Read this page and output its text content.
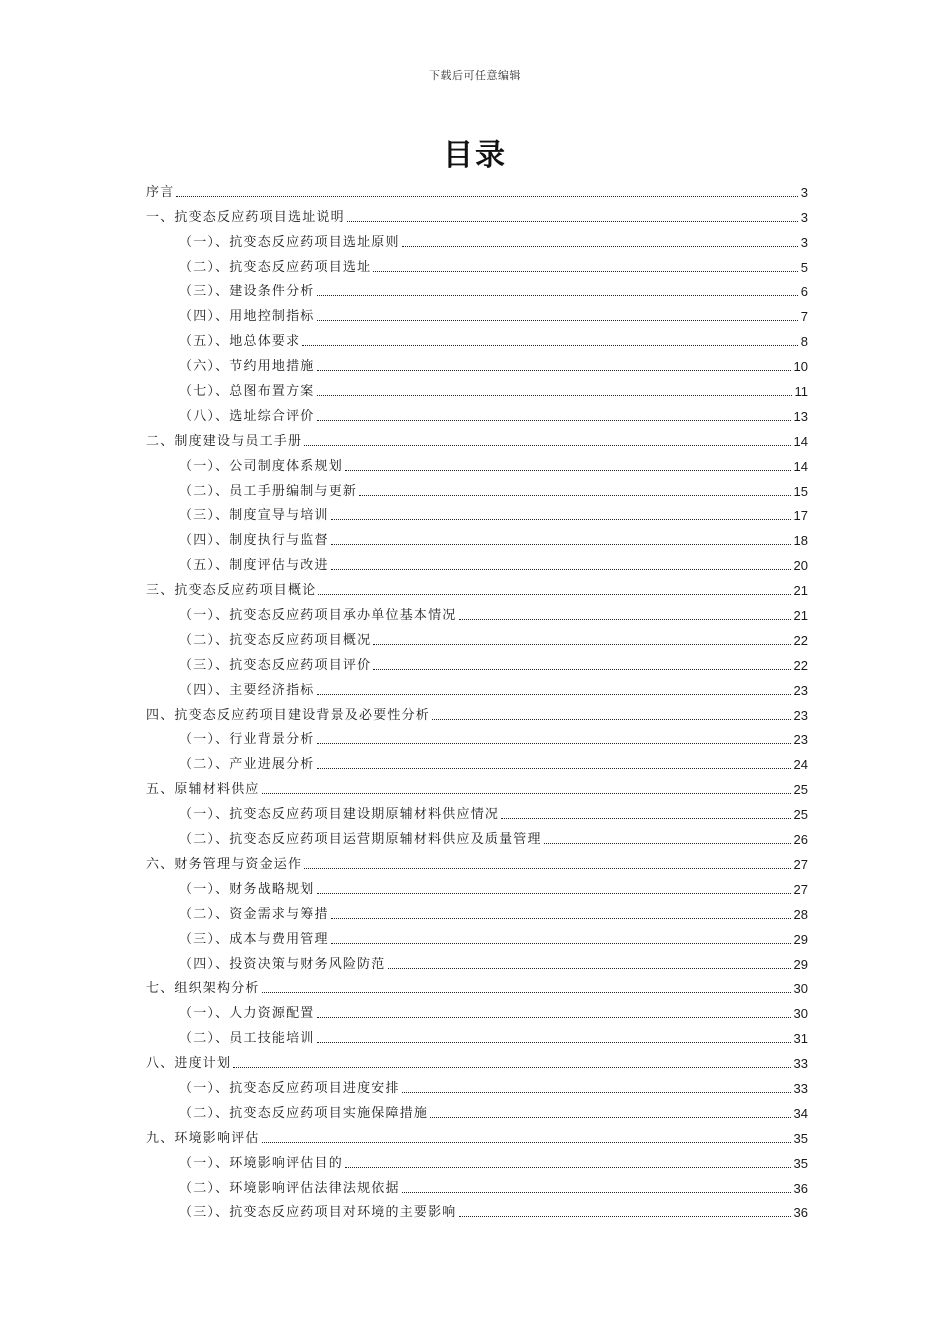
下载后可任意编辑
目录
序言	3
一、抗变态反应药项目选址说明	3
（一）、抗变态反应药项目选址原则	3
（二）、抗变态反应药项目选址	5
（三）、建设条件分析	6
（四）、用地控制指标	7
（五）、地总体要求	8
（六）、节约用地措施	10
（七）、总图布置方案	11
（八）、选址综合评价	13
二、制度建设与员工手册	14
（一）、公司制度体系规划	14
（二）、员工手册编制与更新	15
（三）、制度宣导与培训	17
（四）、制度执行与监督	18
（五）、制度评估与改进	20
三、抗变态反应药项目概论	21
（一）、抗变态反应药项目承办单位基本情况	21
（二）、抗变态反应药项目概况	22
（三）、抗变态反应药项目评价	22
（四）、主要经济指标	23
四、抗变态反应药项目建设背景及必要性分析	23
（一）、行业背景分析	23
（二）、产业进展分析	24
五、原辅材料供应	25
（一）、抗变态反应药项目建设期原辅材料供应情况	25
（二）、抗变态反应药项目运营期原辅材料供应及质量管理	26
六、财务管理与资金运作	27
（一）、财务战略规划	27
（二）、资金需求与筹措	28
（三）、成本与费用管理	29
（四）、投资决策与财务风险防范	29
七、组织架构分析	30
（一）、人力资源配置	30
（二）、员工技能培训	31
八、进度计划	33
（一）、抗变态反应药项目进度安排	33
（二）、抗变态反应药项目实施保障措施	34
九、环境影响评估	35
（一）、环境影响评估目的	35
（二）、环境影响评估法律法规依据	36
（三）、抗变态反应药项目对环境的主要影响	36
